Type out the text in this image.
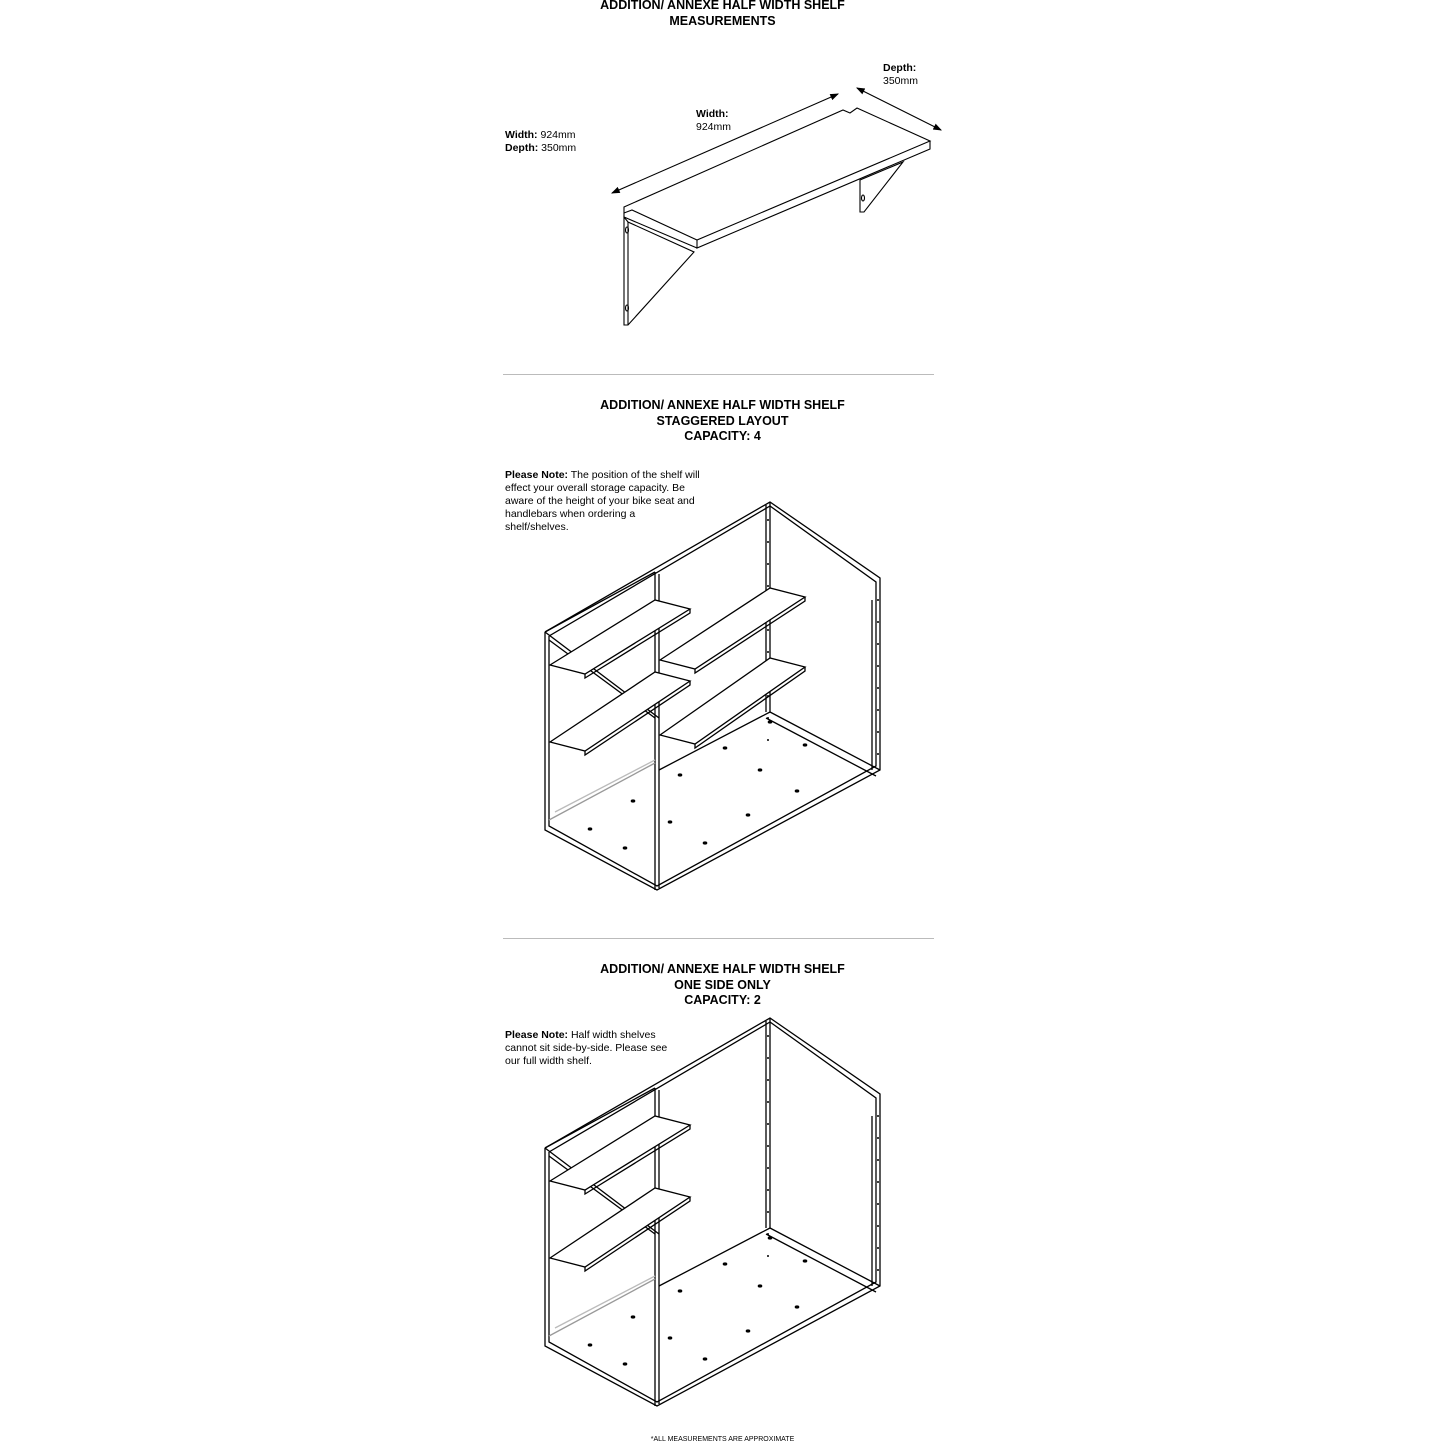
ADDITION/ ANNEXE HALF WIDTH SHELF
MEASUREMENTS
Width: 924mm
Depth: 350mm
Width:
924mm
Depth:
350mm
ADDITION/ ANNEXE HALF WIDTH SHELF
STAGGERED LAYOUT
CAPACITY: 4
Please Note: The position of the shelf will effect your overall storage capacity. Be aware of the height of your bike seat and handlebars when ordering a shelf/shelves.
ADDITION/ ANNEXE HALF WIDTH SHELF
ONE SIDE ONLY
CAPACITY: 2
Please Note: Half width shelves cannot sit side-by-side. Please see our full width shelf.
*ALL MEASUREMENTS ARE APPROXIMATE
